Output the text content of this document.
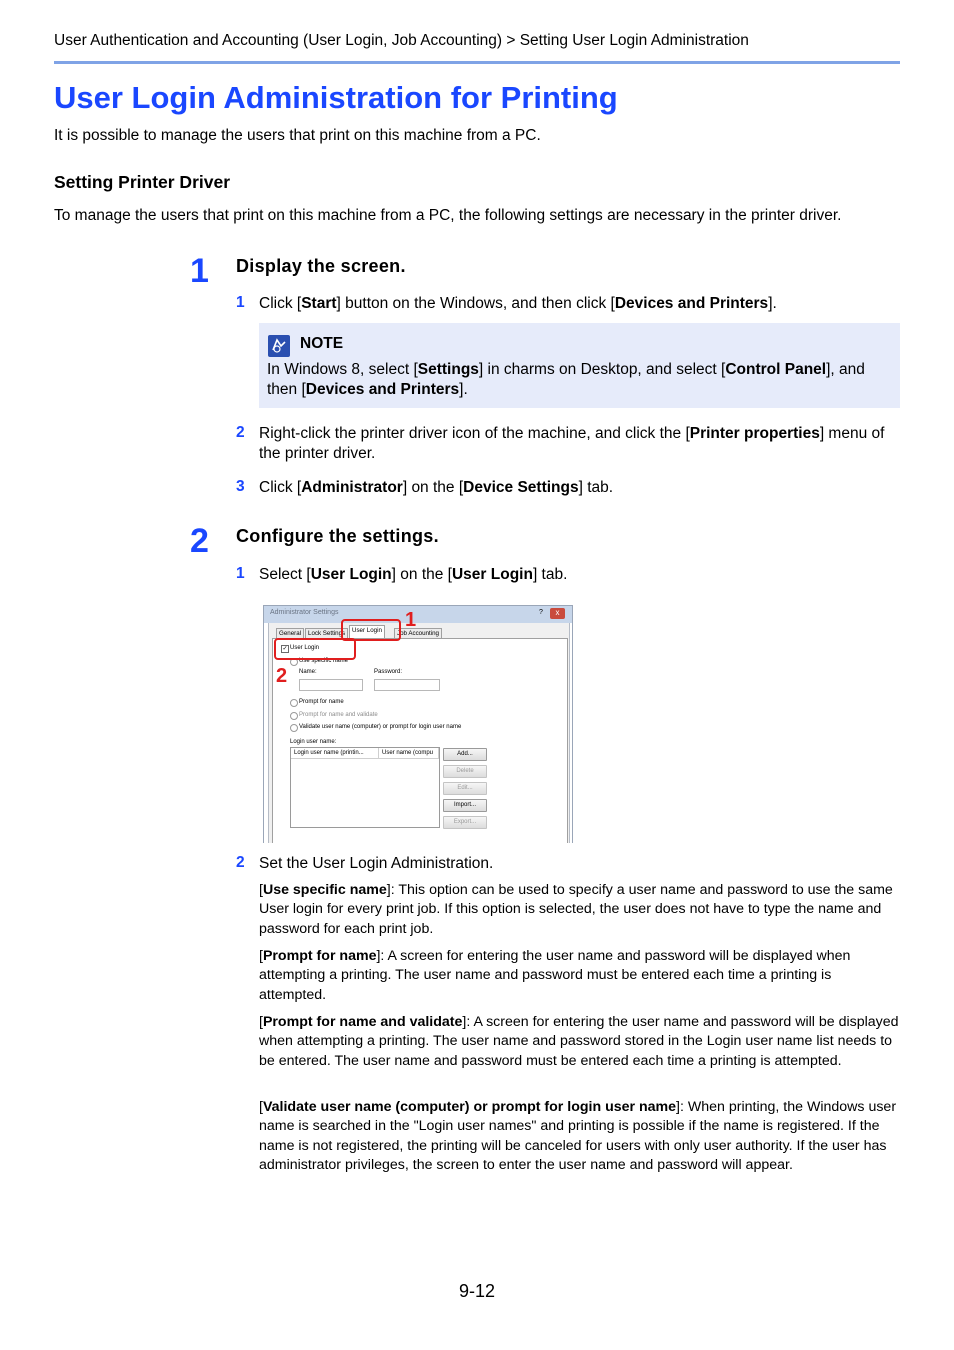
User Authentication and Accounting (User Login, Job Accounting) > Setting User Login Administration
User Login Administration for Printing
It is possible to manage the users that print on this machine from a PC.
Setting Printer Driver
To manage the users that print on this machine from a PC, the following settings are necessary in the printer driver.
1 Display the screen.
1 Click [Start] button on the Windows, and then click [Devices and Printers].
NOTE
In Windows 8, select [Settings] in charms on Desktop, and select [Control Panel], and then [Devices and Printers].
2 Right-click the printer driver icon of the machine, and click the [Printer properties] menu of the printer driver.
3 Click [Administrator] on the [Device Settings] tab.
2 Configure the settings.
1 Select [User Login] on the [User Login] tab.
Administrator Settings	?	x
General	Lock Settings	User Login	Job Accounting
✓ User Login
Use specific name
Name:	Password:
Prompt for name
Prompt for name and validate
Validate user name (computer) or prompt for login user name
Login user name:
Login user name (printin...	User name (compu	Add...
Delete
Edit...
Import...
Export...
1
2
2 Set the User Login Administration.
[Use specific name]: This option can be used to specify a user name and password to use the same User login for every print job. If this option is selected, the user does not have to type the name and password for each print job.
[Prompt for name]: A screen for entering the user name and password will be displayed when attempting a printing. The user name and password must be entered each time a printing is attempted.
[Prompt for name and validate]: A screen for entering the user name and password will be displayed when attempting a printing. The user name and password stored in the Login user name list needs to be entered. The user name and password must be entered each time a printing is attempted.
[Validate user name (computer) or prompt for login user name]: When printing, the Windows user name is searched in the "Login user names" and printing is possible if the name is registered. If the name is not registered, the printing will be canceled for users with only user authority. If the user has administrator privileges, the screen to enter the user name and password will appear.
9-12
